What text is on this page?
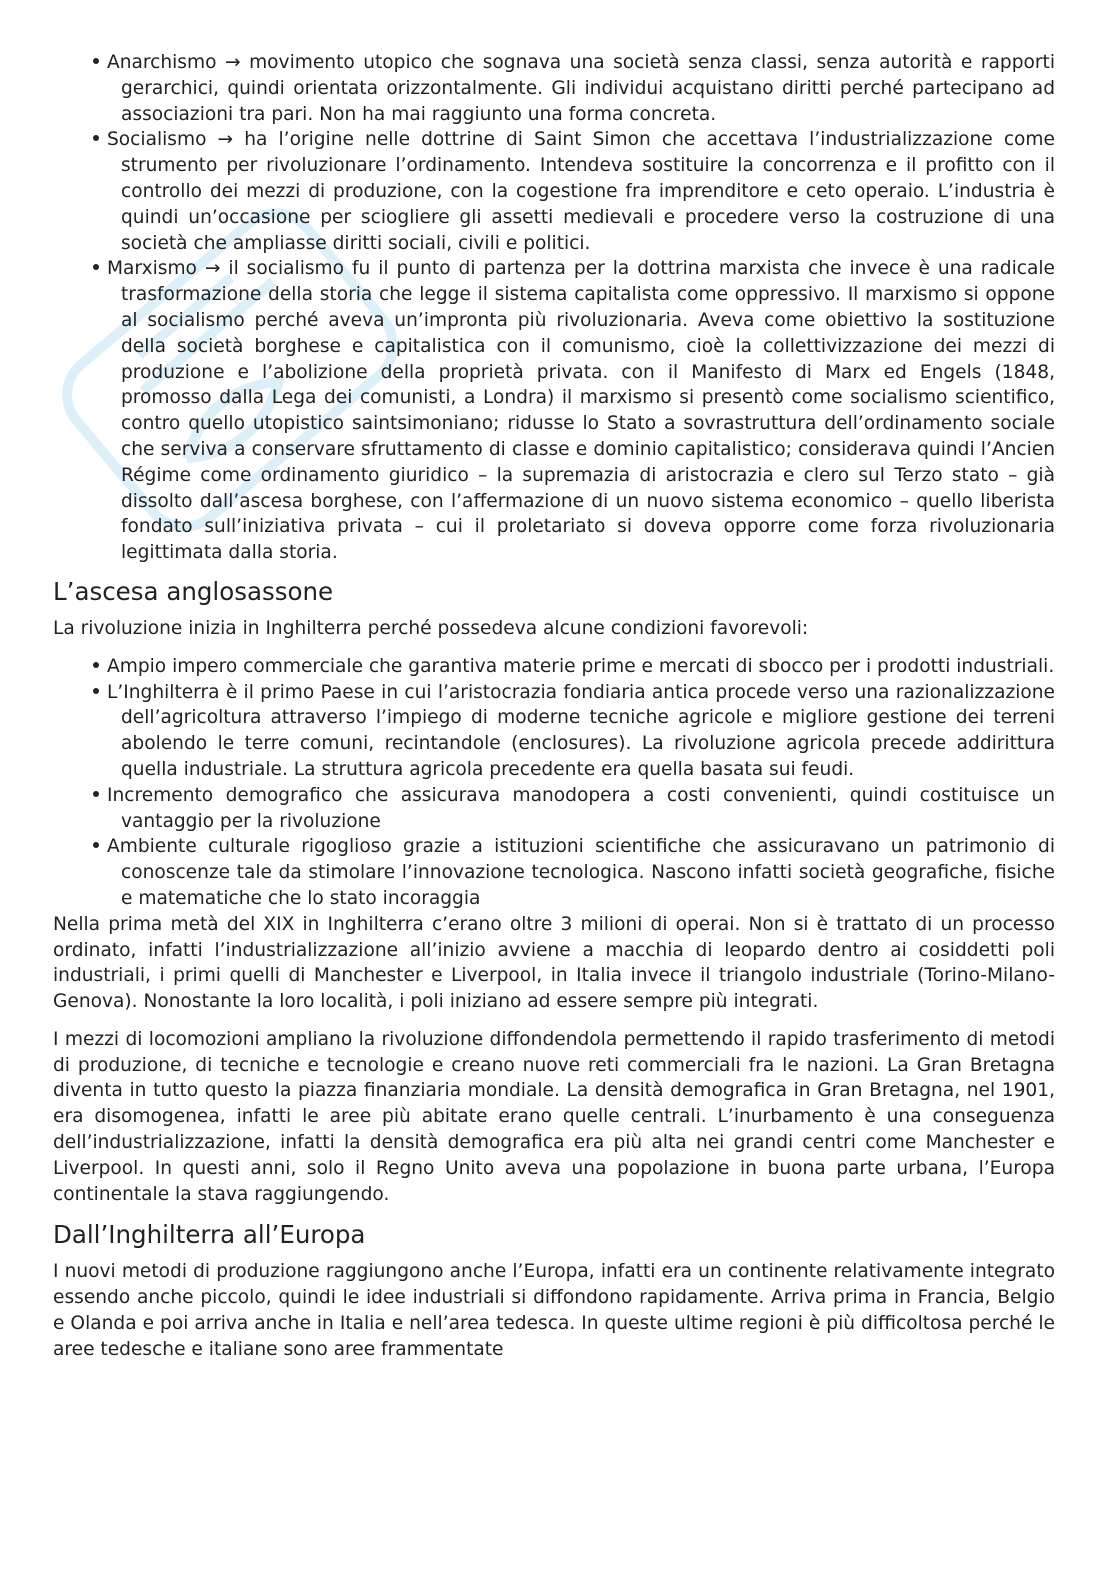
Anarchismo → movimento utopico che sognava una società senza classi, senza autorità e rapporti gerarchici, quindi orientata orizzontalmente. Gli individui acquistano diritti perché partecipano ad associazioni tra pari. Non ha mai raggiunto una forma concreta.
Socialismo → ha l’origine nelle dottrine di Saint Simon che accettava l’industrializzazione come strumento per rivoluzionare l’ordinamento. Intendeva sostituire la concorrenza e il profitto con il controllo dei mezzi di produzione, con la cogestione fra imprenditore e ceto operaio. L’industria è quindi un’occasione per sciogliere gli assetti medievali e procedere verso la costruzione di una società che ampliasse diritti sociali, civili e politici.
Marxismo → il socialismo fu il punto di partenza per la dottrina marxista che invece è una radicale trasformazione della storia che legge il sistema capitalista come oppressivo. Il marxismo si oppone al socialismo perché aveva un’impronta più rivoluzionaria. Aveva come obiettivo la sostituzione della società borghese e capitalistica con il comunismo, cioè la collettivizzazione dei mezzi di produzione e l’abolizione della proprietà privata. con il Manifesto di Marx ed Engels (1848, promosso dalla Lega dei comunisti, a Londra) il marxismo si presentò come socialismo scientifico, contro quello utopistico saintsimoniano; ridusse lo Stato a sovrastruttura dell’ordinamento sociale che serviva a conservare sfruttamento di classe e dominio capitalistico; considerava quindi l’Ancien Régime come ordinamento giuridico – la supremazia di aristocrazia e clero sul Terzo stato – già dissolto dall’ascesa borghese, con l’affermazione di un nuovo sistema economico – quello liberista fondato sull’iniziativa privata – cui il proletariato si doveva opporre come forza rivoluzionaria legittimata dalla storia.
L’ascesa anglosassone

La rivoluzione inizia in Inghilterra perché possedeva alcune condizioni favorevoli:

Ampio impero commerciale che garantiva materie prime e mercati di sbocco per i prodotti industriali.
L’Inghilterra è il primo Paese in cui l’aristocrazia fondiaria antica procede verso una razionalizzazione dell’agricoltura attraverso l’impiego di moderne tecniche agricole e migliore gestione dei terreni abolendo le terre comuni, recintandole (enclosures). La rivoluzione agricola precede addirittura quella industriale. La struttura agricola precedente era quella basata sui feudi.
Incremento demografico che assicurava manodopera a costi convenienti, quindi costituisce un vantaggio per la rivoluzione
Ambiente culturale rigoglioso grazie a istituzioni scientifiche che assicuravano un patrimonio di conoscenze tale da stimolare l’innovazione tecnologica. Nascono infatti società geografiche, fisiche e matematiche che lo stato incoraggia

Nella prima metà del XIX in Inghilterra c’erano oltre 3 milioni di operai. Non si è trattato di un processo ordinato, infatti l’industrializzazione all’inizio avviene a macchia di leopardo dentro ai cosiddetti poli industriali, i primi quelli di Manchester e Liverpool, in Italia invece il triangolo industriale (Torino-Milano-Genova). Nonostante la loro località, i poli iniziano ad essere sempre più integrati.

I mezzi di locomozioni ampliano la rivoluzione diffondendola permettendo il rapido trasferimento di metodi di produzione, di tecniche e tecnologie e creano nuove reti commerciali fra le nazioni. La Gran Bretagna diventa in tutto questo la piazza finanziaria mondiale. La densità demografica in Gran Bretagna, nel 1901, era disomogenea, infatti le aree più abitate erano quelle centrali. L’inurbamento è una conseguenza dell’industrializzazione, infatti la densità demografica era più alta nei grandi centri come Manchester e Liverpool. In questi anni, solo il Regno Unito aveva una popolazione in buona parte urbana, l’Europa continentale la stava raggiungendo.

Dall’Inghilterra all’Europa

I nuovi metodi di produzione raggiungono anche l’Europa, infatti era un continente relativamente integrato essendo anche piccolo, quindi le idee industriali si diffondono rapidamente. Arriva prima in Francia, Belgio e Olanda e poi arriva anche in Italia e nell’area tedesca. In queste ultime regioni è più difficoltosa perché le aree tedesche e italiane sono aree frammentate
